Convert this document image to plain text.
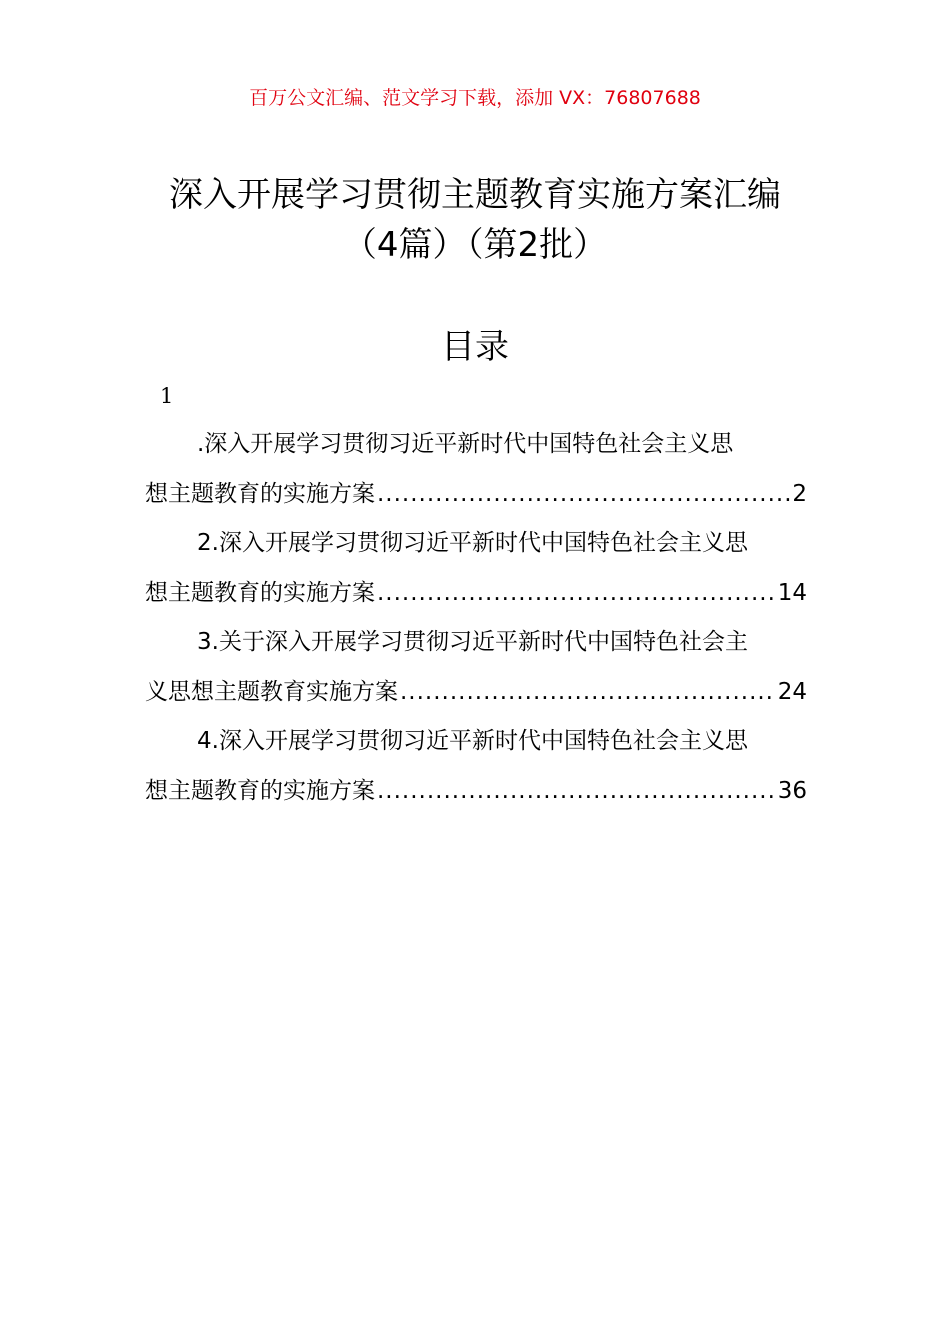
百万公文汇编、范文学习下载，添加 VX：76807688
深入开展学习贯彻主题教育实施方案汇编
（4篇）（第2批）
目录
1
.深入开展学习贯彻习近平新时代中国特色社会主义思
想主题教育的实施方案 .....	2
2.深入开展学习贯彻习近平新时代中国特色社会主义思
想主题教育的实施方案 .....	14
3.关于深入开展学习贯彻习近平新时代中国特色社会主
义思想主题教育实施方案 .....	24
4.深入开展学习贯彻习近平新时代中国特色社会主义思
想主题教育的实施方案 .....	36
